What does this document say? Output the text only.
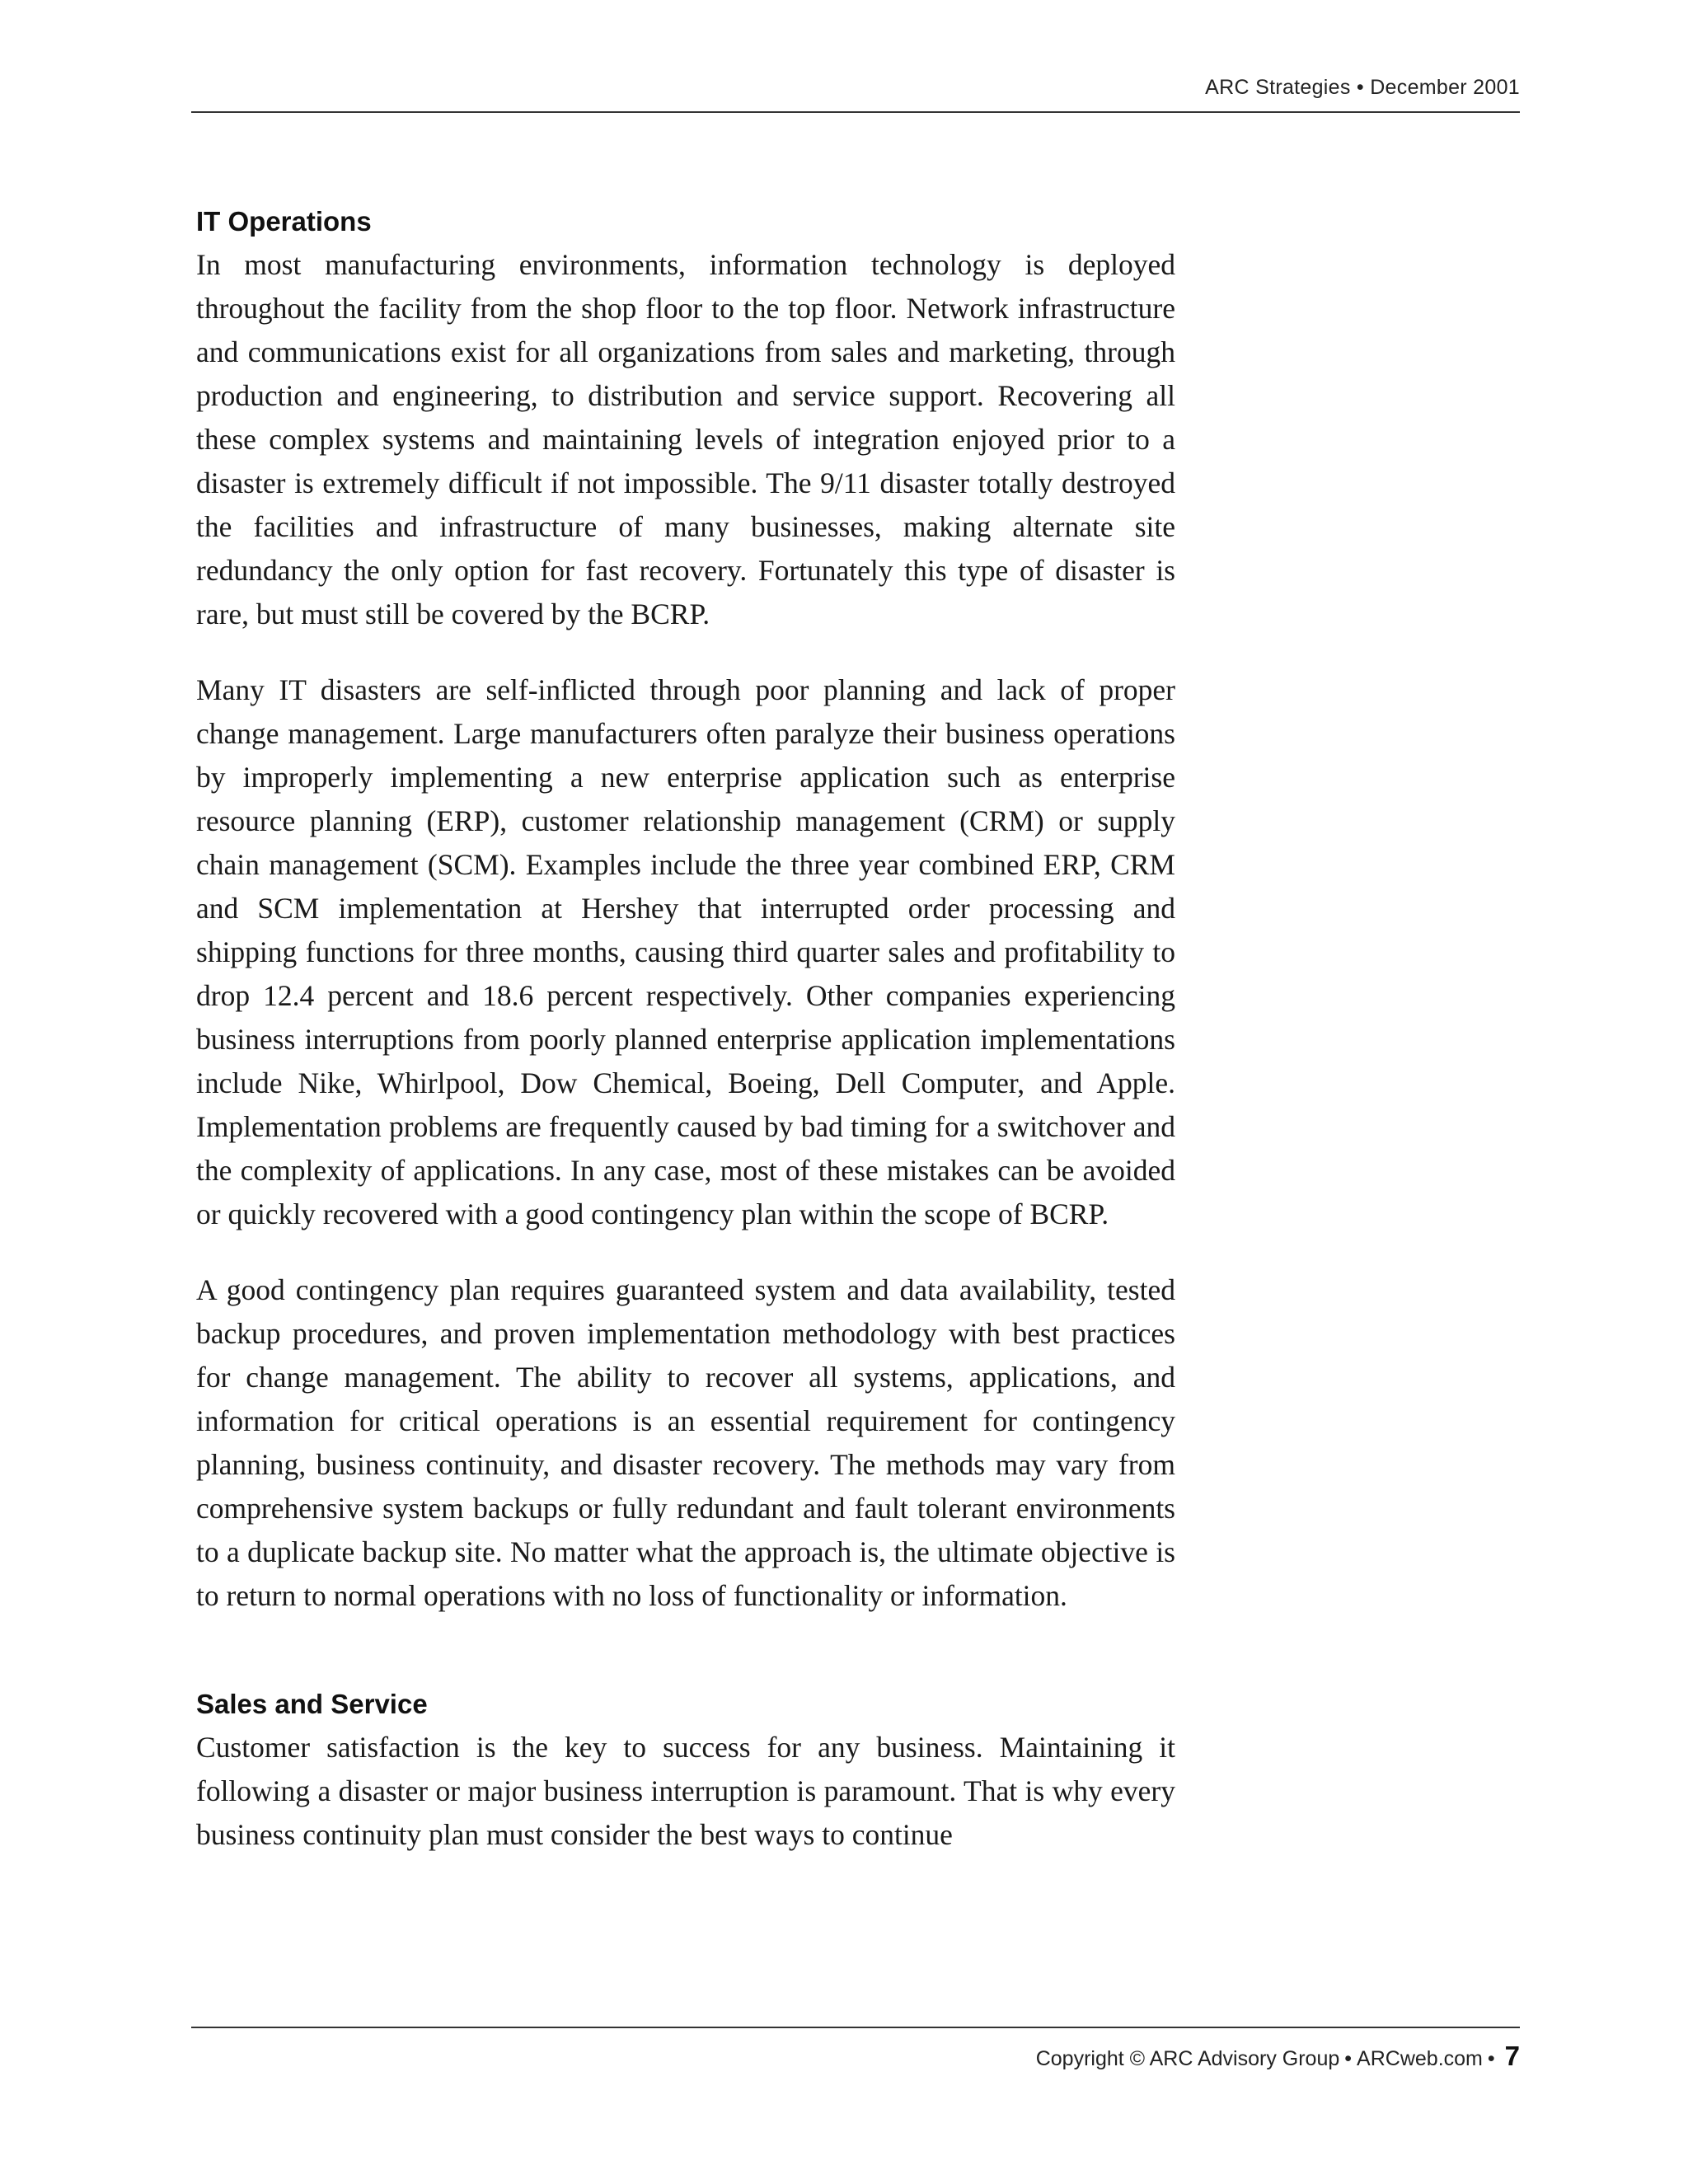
ARC Strategies • December 2001
IT Operations

In most manufacturing environments, information technology is deployed throughout the facility from the shop floor to the top floor. Network infrastructure and communications exist for all organizations from sales and marketing, through production and engineering, to distribution and service support. Recovering all these complex systems and maintaining levels of integration enjoyed prior to a disaster is extremely difficult if not impossible. The 9/11 disaster totally destroyed the facilities and infrastructure of many businesses, making alternate site redundancy the only option for fast recovery. Fortunately this type of disaster is rare, but must still be covered by the BCRP.

Many IT disasters are self-inflicted through poor planning and lack of proper change management. Large manufacturers often paralyze their business operations by improperly implementing a new enterprise application such as enterprise resource planning (ERP), customer relationship management (CRM) or supply chain management (SCM). Examples include the three year combined ERP, CRM and SCM implementation at Hershey that interrupted order processing and shipping functions for three months, causing third quarter sales and profitability to drop 12.4 percent and 18.6 percent respectively. Other companies experiencing business interruptions from poorly planned enterprise application implementations include Nike, Whirlpool, Dow Chemical, Boeing, Dell Computer, and Apple. Implementation problems are frequently caused by bad timing for a switchover and the complexity of applications. In any case, most of these mistakes can be avoided or quickly recovered with a good contingency plan within the scope of BCRP.

A good contingency plan requires guaranteed system and data availability, tested backup procedures, and proven implementation methodology with best practices for change management. The ability to recover all systems, applications, and information for critical operations is an essential requirement for contingency planning, business continuity, and disaster recovery. The methods may vary from comprehensive system backups or fully redundant and fault tolerant environments to a duplicate backup site. No matter what the approach is, the ultimate objective is to return to normal operations with no loss of functionality or information.

Sales and Service

Customer satisfaction is the key to success for any business. Maintaining it following a disaster or major business interruption is paramount. That is why every business continuity plan must consider the best ways to continue

Copyright © ARC Advisory Group • ARCweb.com • 7
